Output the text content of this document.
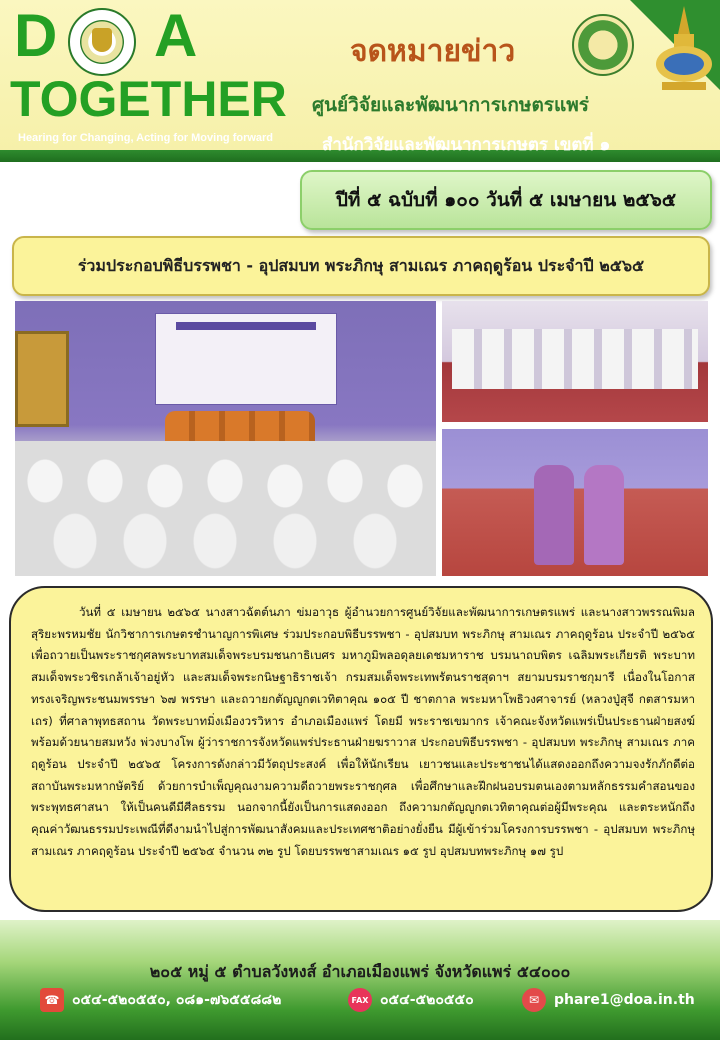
D A
TOGETHER
จดหมายข่าว
Hearing for Changing, Acting for Moving forward
ศูนย์วิจัยและพัฒนาการเกษตรแพร่
สำนักวิจัยและพัฒนาการเกษตร เขตที่ ๑
ปีที่ ๕ ฉบับที่ ๑๐๐ วันที่ ๕ เมษายน ๒๕๖๕
ร่วมประกอบพิธีบรรพชา - อุปสมบท พระภิกษุ สามเณร ภาคฤดูร้อน ประจำปี ๒๕๖๕

วันที่ ๕ เมษายน ๒๕๖๕ นางสาวฉัตต์นภา ข่มอาวุธ ผู้อำนวยการศูนย์วิจัยและพัฒนาการเกษตรแพร่ และนางสาวพรรณพิมล สุริยะพรหมชัย นักวิชาการเกษตรชำนาญการพิเศษ ร่วมประกอบพิธีบรรพชา - อุปสมบท พระภิกษุ สามเณร ภาคฤดูร้อน ประจำปี ๒๕๖๕ เพื่อถวายเป็นพระราชกุศลพระบาทสมเด็จพระบรมชนกาธิเบศร มหาภูมิพลอดุลยเดชมหาราช บรมนาถบพิตร เฉลิมพระเกียรติ พระบาทสมเด็จพระวชิรเกล้าเจ้าอยู่หัว และสมเด็จพระกนิษฐาธิราชเจ้า กรมสมเด็จพระเทพรัตนราชสุดาฯ สยามบรมราชกุมารี เนื่องในโอกาสทรงเจริญพระชนมพรรษา ๖๗ พรรษา และถวายกตัญญูกตเวทิตาคุณ ๑๐๕ ปี ชาตกาล พระมหาโพธิวงศาจารย์ (หลวงปู่สุจี กตสารมหาเถร) ที่ศาลาพุทธสถาน วัดพระบาทมิ่งเมืองวรวิหาร อำเภอเมืองแพร่ โดยมี พระราชเขมากร เจ้าคณะจังหวัดแพร่เป็นประธานฝ่ายสงฆ์ พร้อมด้วยนายสมหวัง พ่วงบางโพ ผู้ว่าราชการจังหวัดแพร่ประธานฝ่ายฆราวาส ประกอบพิธีบรรพชา - อุปสมบท พระภิกษุ สามเณร ภาคฤดูร้อน ประจำปี ๒๕๖๕ โครงการดังกล่าวมีวัตถุประสงค์ เพื่อให้นักเรียน เยาวชนและประชาชนได้แสดงออกถึงความจงรักภักดีต่อสถาบันพระมหากษัตริย์ ด้วยการบำเพ็ญคุณงามความดีถวายพระราชกุศล เพื่อศึกษาและฝึกฝนอบรมตนเองตามหลักธรรมคำสอนของพระพุทธศาสนา ให้เป็นคนดีมีศีลธรรม นอกจากนี้ยังเป็นการแสดงออก ถึงความกตัญญูกตเวทิตาคุณต่อผู้มีพระคุณ และตระหนักถึงคุณค่าวัฒนธรรมประเพณีที่ดีงามนำไปสู่การพัฒนาสังคมและประเทศชาติอย่างยั่งยืน มีผู้เข้าร่วมโครงการบรรพชา - อุปสมบท พระภิกษุ สามเณร ภาคฤดูร้อน ประจำปี ๒๕๖๕ จำนวน ๓๒ รูป โดยบรรพชาสามเณร ๑๕ รูป อุปสมบทพระภิกษุ ๑๗ รูป

๒๐๕ หมู่ ๕ ตำบลวังหงส์ อำเภอเมืองแพร่ จังหวัดแพร่ ๕๔๐๐๐
☎ ๐๕๔-๕๒๐๕๕๐, ๐๘๑-๗๖๕๕๘๘๒	FAX ๐๕๔-๕๒๐๕๕๐	✉	phare1@doa.in.th
